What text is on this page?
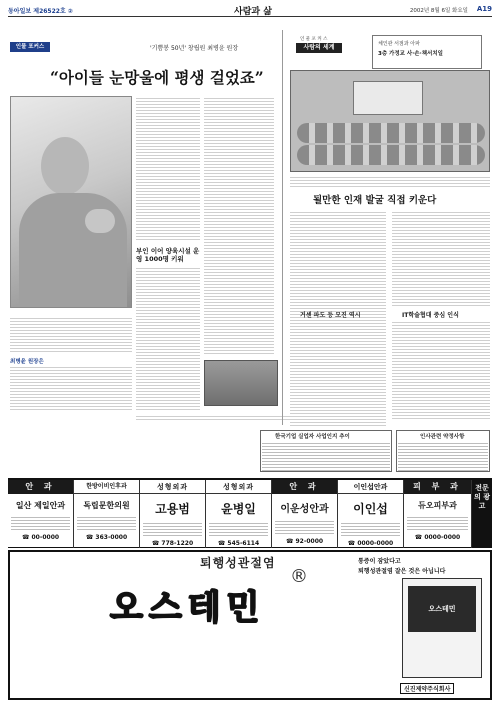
동아일보 제26522호 ②	사람과 삶	2002년 8월 6일 화요일 A19
인물 포커스	'기쁨봉 50년' 창립원 최병윤 원장
“아이들 눈망울에 평생 걸었죠”
최병윤 원장은
부인 이어 양육시설 운영 1000명 키워
인 물 포 커 스
사람의 세계	체인관 서점과 아파
3층 가정교 사·손·책서치일
될만한 인재 발굴 직접 키운다
거센 파도 등 모진 역시	IT학술협대 중심 인식
한국기업 실업자 사업인지 추이	인사관련 약정사항
안 과
일산 제일안과
☎ 00-0000
한방이비인후과
독립문한의원
☎ 363-0000
성형외과
고용범
☎ 778-1220
성형외과
윤병일
☎ 545-6114
안 과
이운성안과
☎ 92-0000
이인섭안과
이인섭
☎ 0000-0000
피 부 과
듀오피부과
☎ 0000-0000
전문의 광고
퇴행성관절염
오스테민
®
통증이 잠았다고
퇴행성관절염 잘은 것은 아닙니다
오스테민
신진제약주식회사
